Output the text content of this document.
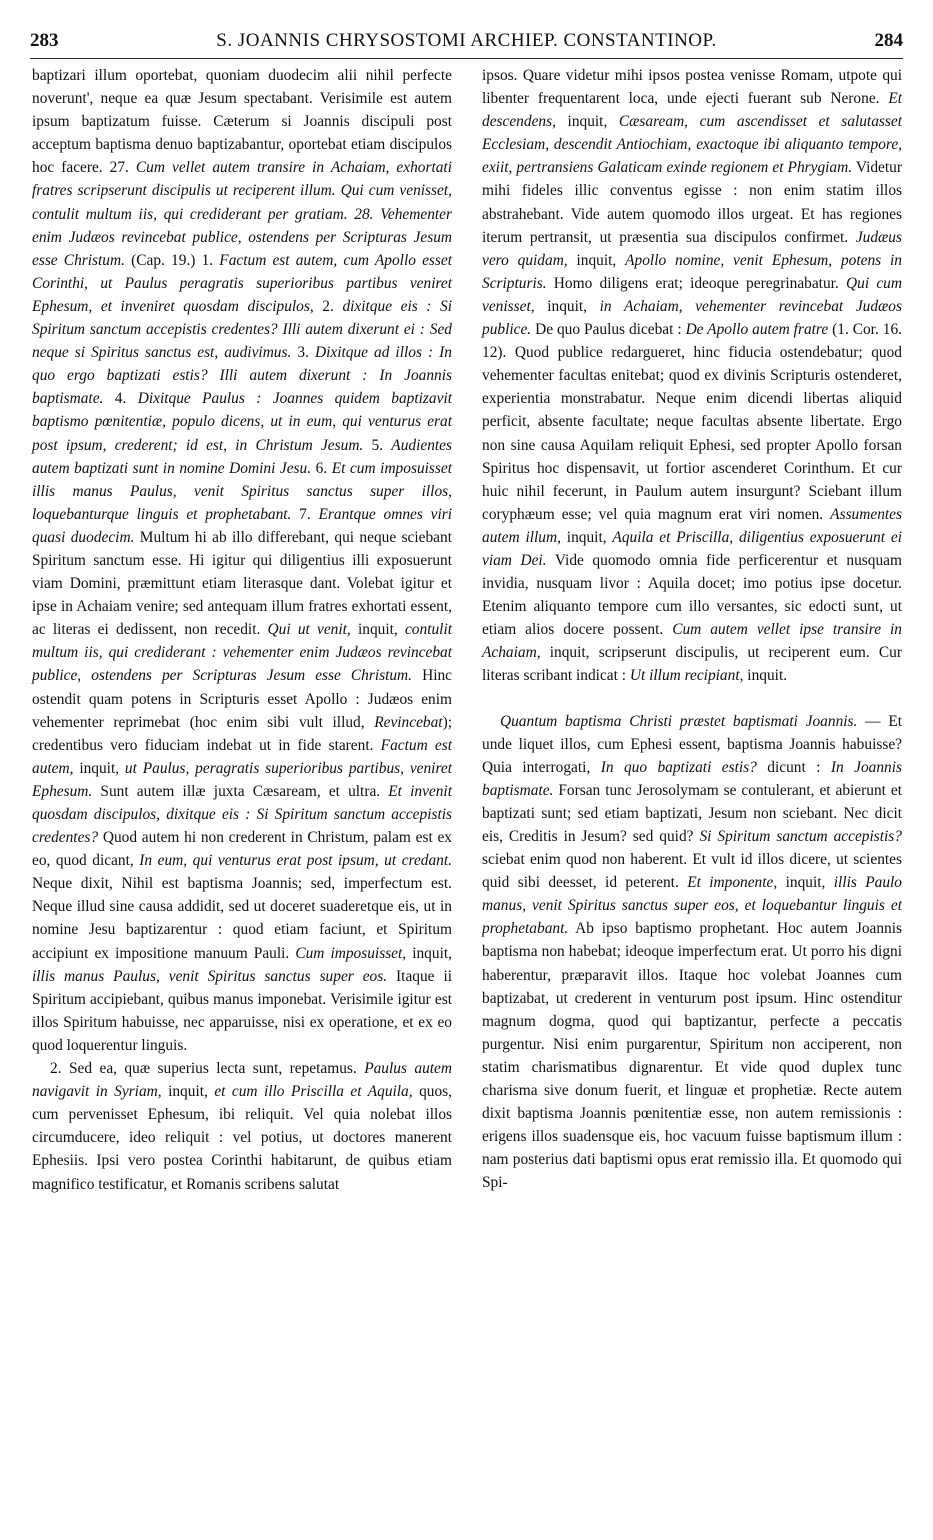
283	S. JOANNIS CHRYSOSTOMI ARCHIEP. CONSTANTINOP.	284

baptizari illum oportebat, quoniam duodecim alii nihil perfecte noverunt', neque ea quæ Jesum spectabant. Verisimile est autem ipsum baptizatum fuisse. Cæterum si Joannis discipuli post acceptum baptisma denuo baptizabantur, oportebat etiam discipulos hoc facere. 27. Cum vellet autem transire in Achaiam, exhortati fratres scripserunt discipulis ut reciperent illum. Qui cum venisset, contulit multum iis, qui crediderant per gratiam. 28. Vehementer enim Judæos revincebat publice, ostendens per Scripturas Jesum esse Christum. (Cap. 19.) 1. Factum est autem, cum Apollo esset Corinthi, ut Paulus peragratis superioribus partibus veniret Ephesum, et inveniret quosdam discipulos, 2. dixitque eis : Si Spiritum sanctum accepistis credentes? Illi autem dixerunt ei : Sed neque si Spiritus sanctus est, audivimus. 3. Dixitque ad illos : In quo ergo baptizati estis? Illi autem dixerunt : In Joannis baptismate. 4. Dixitque Paulus : Joannes quidem baptizavit baptismo pœnitentiæ, populo dicens, ut in eum, qui venturus erat post ipsum, crederent; id est, in Christum Jesum. 5. Audientes autem baptizati sunt in nomine Domini Jesu. 6. Et cum imposuisset illis manus Paulus, venit Spiritus sanctus super illos, loquebanturque linguis et prophetabant. 7. Erantque omnes viri quasi duodecim. Multum hi ab illo differebant, qui neque sciebant Spiritum sanctum esse. Hi igitur qui diligentius illi exposuerunt viam Domini, præmittunt etiam literasque dant. Volebat igitur et ipse in Achaiam venire; sed antequam illum fratres exhortati essent, ac literas ei dedissent, non recedit. Qui ut venit, inquit, contulit multum iis, qui crediderant : vehementer enim Judæos revincebat publice, ostendens per Scripturas Jesum esse Christum. Hinc ostendit quam potens in Scripturis esset Apollo : Judæos enim vehementer reprimebat (hoc enim sibi vult illud, Revincebat); credentibus vero fiduciam indebat ut in fide starent. Factum est autem, inquit, ut Paulus, peragratis superioribus partibus, veniret Ephesum. Sunt autem illæ juxta Cæsaream, et ultra. Et invenit quosdam discipulos, dixitque eis : Si Spiritum sanctum accepistis credentes? Quod autem hi non crederent in Christum, palam est ex eo, quod dicant, In eum, qui venturus erat post ipsum, ut credant. Neque dixit, Nihil est baptisma Joannis; sed, imperfectum est. Neque illud sine causa addidit, sed ut doceret suaderetque eis, ut in nomine Jesu baptizarentur : quod etiam faciunt, et Spiritum accipiunt ex impositione manuum Pauli. Cum imposuisset, inquit, illis manus Paulus, venit Spiritus sanctus super eos. Itaque ii Spiritum accipiebant, quibus manus imponebat. Verisimile igitur est illos Spiritum habuisse, nec apparuisse, nisi ex operatione, et ex eo quod loquerentur linguis.

2. Sed ea, quæ superius lecta sunt, repetamus. Paulus autem navigavit in Syriam, inquit, et cum illo Priscilla et Aquila, quos, cum pervenisset Ephesum, ibi reliquit. Vel quia nolebat illos circumducere, ideo reliquit : vel potius, ut doctores manerent Ephesiis. Ipsi vero postea Corinthi habitarunt, de quibus etiam magnifico testificatur, et Romanis scribens salutat

ipsos. Quare videtur mihi ipsos postea venisse Romam, utpote qui libenter frequentarent loca, unde ejecti fuerant sub Nerone. Et descendens, inquit, Cæsaream, cum ascendisset et salutasset Ecclesiam, descendit Antiochiam, exactoque ibi aliquanto tempore, exiit, pertransiens Galaticam exinde regionem et Phrygiam. Videtur mihi fideles illic conventus egisse : non enim statim illos abstrahebant. Vide autem quomodo illos urgeat. Et has regiones iterum pertransit, ut præsentia sua discipulos confirmet. Judæus vero quidam, inquit, Apollo nomine, venit Ephesum, potens in Scripturis. Homo diligens erat; ideoque peregrinabatur. Qui cum venisset, inquit, in Achaiam, vehementer revincebat Judæos publice. De quo Paulus dicebat : De Apollo autem fratre (1. Cor. 16. 12). Quod publice redargueret, hinc fiducia ostendebatur; quod vehementer facultas enitebat; quod ex divinis Scripturis ostenderet, experientia monstrabatur. Neque enim dicendi libertas aliquid perficit, absente facultate; neque facultas absente libertate. Ergo non sine causa Aquilam reliquit Ephesi, sed propter Apollo forsan Spiritus hoc dispensavit, ut fortior ascenderet Corinthum. Et cur huic nihil fecerunt, in Paulum autem insurgunt? Sciebant illum coryphæum esse; vel quia magnum erat viri nomen. Assumentes autem illum, inquit, Aquila et Priscilla, diligentius exposuerunt ei viam Dei. Vide quomodo omnia fide perficerentur et nusquam invidia, nusquam livor : Aquila docet; imo potius ipse docetur. Etenim aliquanto tempore cum illo versantes, sic edocti sunt, ut etiam alios docere possent. Cum autem vellet ipse transire in Achaiam, inquit, scripserunt discipulis, ut reciperent eum. Cur literas scribant indicat : Ut illum recipiant, inquit.

Quantum baptisma Christi præstet baptismati Joannis. — Et unde liquet illos, cum Ephesi essent, baptisma Joannis habuisse? Quia interrogati, In quo baptizati estis? dicunt : In Joannis baptismate. Forsan tunc Jerosolymam se contulerant, et abierunt et baptizati sunt; sed etiam baptizati, Jesum non sciebant. Nec dicit eis, Creditis in Jesum? sed quid? Si Spiritum sanctum accepistis? sciebat enim quod non haberent. Et vult id illos dicere, ut scientes quid sibi deesset, id peterent. Et imponente, inquit, illis Paulo manus, venit Spiritus sanctus super eos, et loquebantur linguis et prophetabant. Ab ipso baptismo prophetant. Hoc autem Joannis baptisma non habebat; ideoque imperfectum erat. Ut porro his digni haberentur, præparavit illos. Itaque hoc volebat Joannes cum baptizabat, ut crederent in venturum post ipsum. Hinc ostenditur magnum dogma, quod qui baptizantur, perfecte a peccatis purgentur. Nisi enim purgarentur, Spiritum non acciperent, non statim charismatibus dignarentur. Et vide quod duplex tunc charisma sive donum fuerit, et linguæ et prophetiæ. Recte autem dixit baptisma Joannis pœnitentiæ esse, non autem remissionis : erigens illos suadensque eis, hoc vacuum fuisse baptismum illum : nam posterius dati baptismi opus erat remissio illa. Et quomodo qui Spi-
